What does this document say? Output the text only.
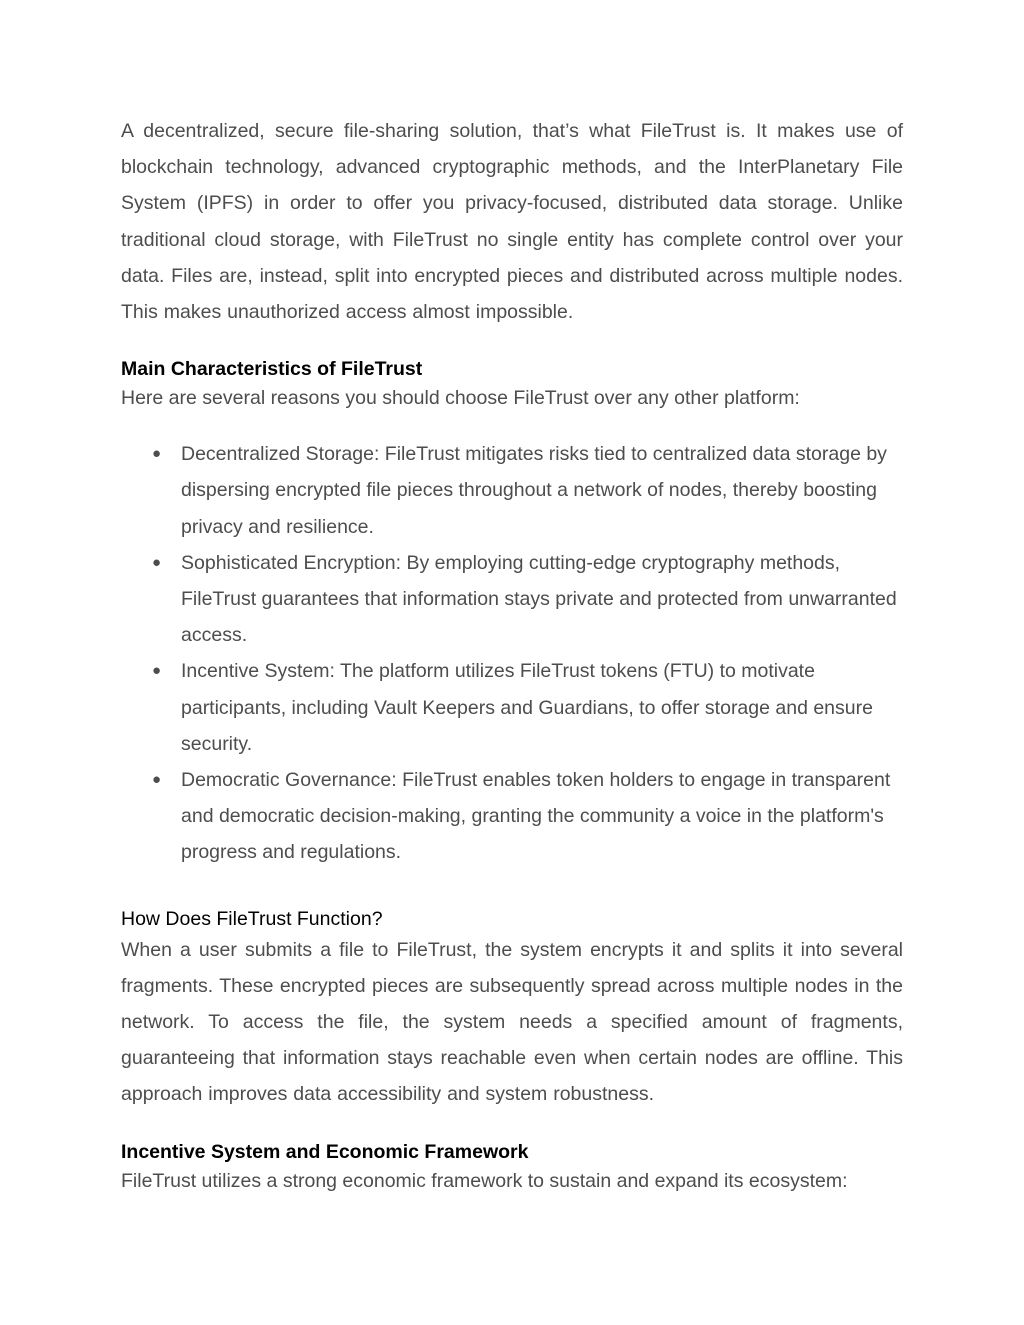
A decentralized, secure file-sharing solution, that’s what FileTrust is. It makes use of blockchain technology, advanced cryptographic methods, and the InterPlanetary File System (IPFS) in order to offer you privacy-focused, distributed data storage. Unlike traditional cloud storage, with FileTrust no single entity has complete control over your data. Files are, instead, split into encrypted pieces and distributed across multiple nodes. This makes unauthorized access almost impossible.

Main Characteristics of FileTrust

Here are several reasons you should choose FileTrust over any other platform:

● Decentralized Storage: FileTrust mitigates risks tied to centralized data storage by dispersing encrypted file pieces throughout a network of nodes, thereby boosting privacy and resilience.
● Sophisticated Encryption: By employing cutting-edge cryptography methods, FileTrust guarantees that information stays private and protected from unwarranted access.
● Incentive System: The platform utilizes FileTrust tokens (FTU) to motivate participants, including Vault Keepers and Guardians, to offer storage and ensure security.
● Democratic Governance: FileTrust enables token holders to engage in transparent and democratic decision-making, granting the community a voice in the platform's progress and regulations.

How Does FileTrust Function?

When a user submits a file to FileTrust, the system encrypts it and splits it into several fragments. These encrypted pieces are subsequently spread across multiple nodes in the network. To access the file, the system needs a specified amount of fragments, guaranteeing that information stays reachable even when certain nodes are offline. This approach improves data accessibility and system robustness.

Incentive System and Economic Framework

FileTrust utilizes a strong economic framework to sustain and expand its ecosystem:
